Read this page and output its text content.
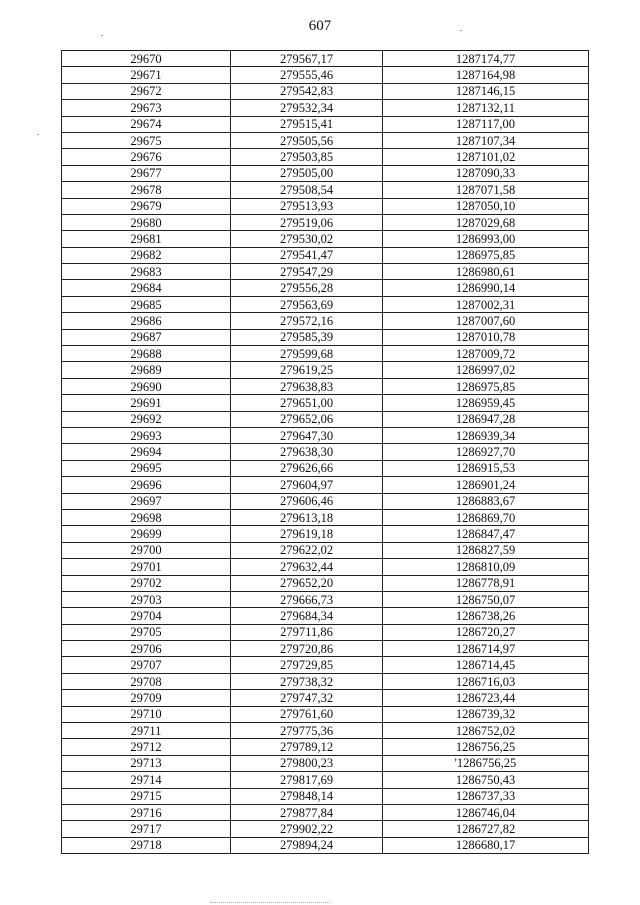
607
29670	279567,17	1287174,77
29671	279555,46	1287164,98
29672	279542,83	1287146,15
29673	279532,34	1287132,11
29674	279515,41	1287117,00
29675	279505,56	1287107,34
29676	279503,85	1287101,02
29677	279505,00	1287090,33
29678	279508,54	1287071,58
29679	279513,93	1287050,10
29680	279519,06	1287029,68
29681	279530,02	1286993,00
29682	279541,47	1286975,85
29683	279547,29	1286980,61
29684	279556,28	1286990,14
29685	279563,69	1287002,31
29686	279572,16	1287007,60
29687	279585,39	1287010,78
29688	279599,68	1287009,72
29689	279619,25	1286997,02
29690	279638,83	1286975,85
29691	279651,00	1286959,45
29692	279652,06	1286947,28
29693	279647,30	1286939,34
29694	279638,30	1286927,70
29695	279626,66	1286915,53
29696	279604,97	1286901,24
29697	279606,46	1286883,67
29698	279613,18	1286869,70
29699	279619,18	1286847,47
29700	279622,02	1286827,59
29701	279632,44	1286810,09
29702	279652,20	1286778,91
29703	279666,73	1286750,07
29704	279684,34	1286738,26
29705	279711,86	1286720,27
29706	279720,86	1286714,97
29707	279729,85	1286714,45
29708	279738,32	1286716,03
29709	279747,32	1286723,44
29710	279761,60	1286739,32
29711	279775,36	1286752,02
29712	279789,12	1286756,25
29713	279800,23	'1286756,25
29714	279817,69	1286750,43
29715	279848,14	1286737,33
29716	279877,84	1286746,04
29717	279902,22	1286727,82
29718	279894,24	1286680,17
